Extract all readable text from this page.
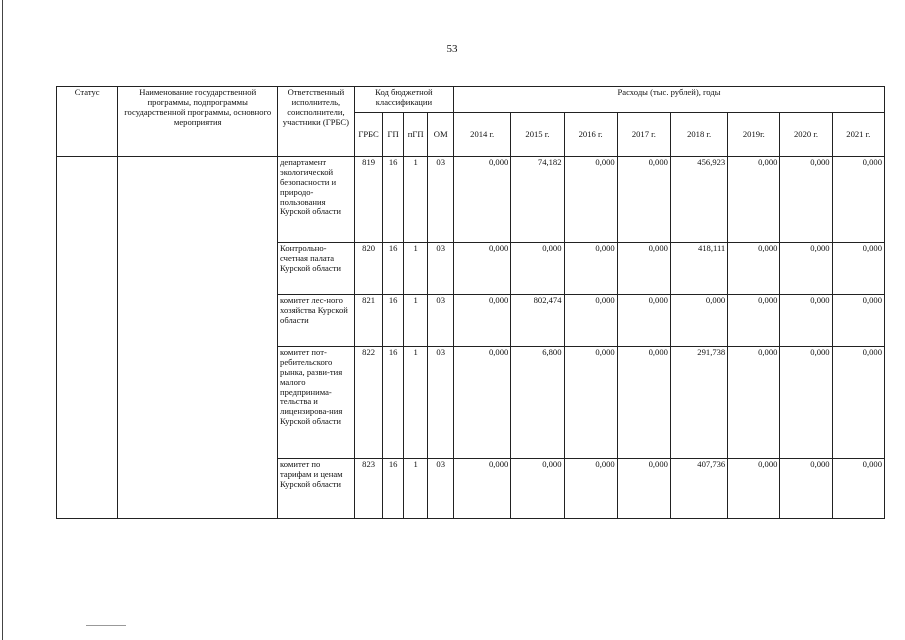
53
Статус	Наименование государственной программы, подпрограммы государственной программы, основного мероприятия	Ответственный исполнитель, соисполнители, участники (ГРБС)	Код бюджетной классификации				Расходы (тыс. рублей), годы							
			ГРБС	ГП	пГП	ОМ	2014 г.	2015 г.	2016 г.	2017 г.	2018 г.	2019г.	2020 г.	2021 г.
		департамент экологической безопасности и природо-пользования Курской области	819	16	1	03	0,000	74,182	0,000	0,000	456,923	0,000	0,000	0,000
		Контрольно-счетная палата Курской области	820	16	1	03	0,000	0,000	0,000	0,000	418,111	0,000	0,000	0,000
		комитет лес-ного хозяйства Курской области	821	16	1	03	0,000	802,474	0,000	0,000	0,000	0,000	0,000	0,000
		комитет пот-ребительского рынка, разви-тия малого предпринима-тельства и лицензирова-ния Курской области	822	16	1	03	0,000	6,800	0,000	0,000	291,738	0,000	0,000	0,000
		комитет по тарифам и ценам Курской области	823	16	1	03	0,000	0,000	0,000	0,000	407,736	0,000	0,000	0,000
